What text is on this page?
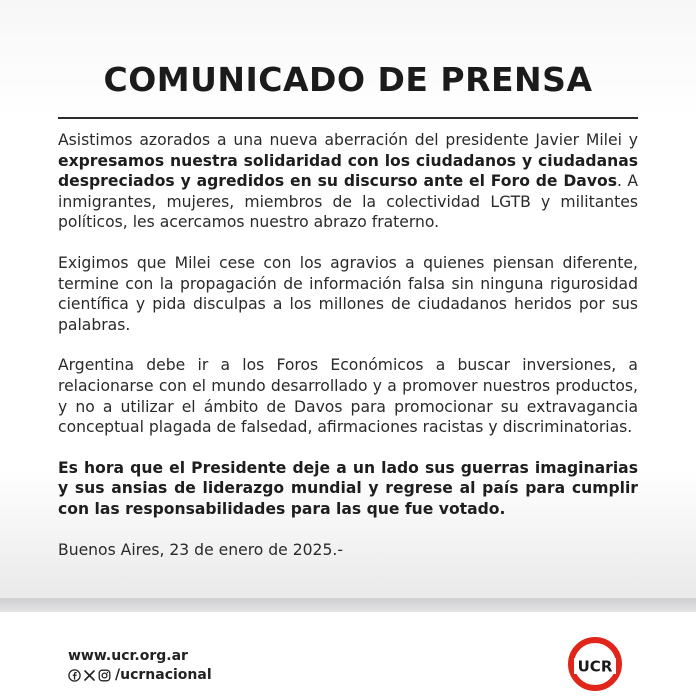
COMUNICADO DE PRENSA

Asistimos azorados a una nueva aberración del presidente Javier Milei y expresamos nuestra solidaridad con los ciudadanos y ciudadanas despreciados y agredidos en su discurso ante el Foro de Davos. A inmigrantes, mujeres, miembros de la colectividad LGTB y militantes políticos, les acercamos nuestro abrazo fraterno.

Exigimos que Milei cese con los agravios a quienes piensan diferente, termine con la propagación de información falsa sin ninguna rigurosidad científica y pida disculpas a los millones de ciudadanos heridos por sus palabras.

Argentina debe ir a los Foros Económicos a buscar inversiones, a relacionarse con el mundo desarrollado y a promover nuestros productos, y no a utilizar el ámbito de Davos para promocionar su extravagancia conceptual plagada de falsedad, afirmaciones racistas y discriminatorias.

Es hora que el Presidente deje a un lado sus guerras imaginarias y sus ansias de liderazgo mundial y regrese al país para cumplir con las responsabilidades para las que fue votado.

Buenos Aires, 23 de enero de 2025.-

www.ucr.org.ar
/ucrnacional	UCR
